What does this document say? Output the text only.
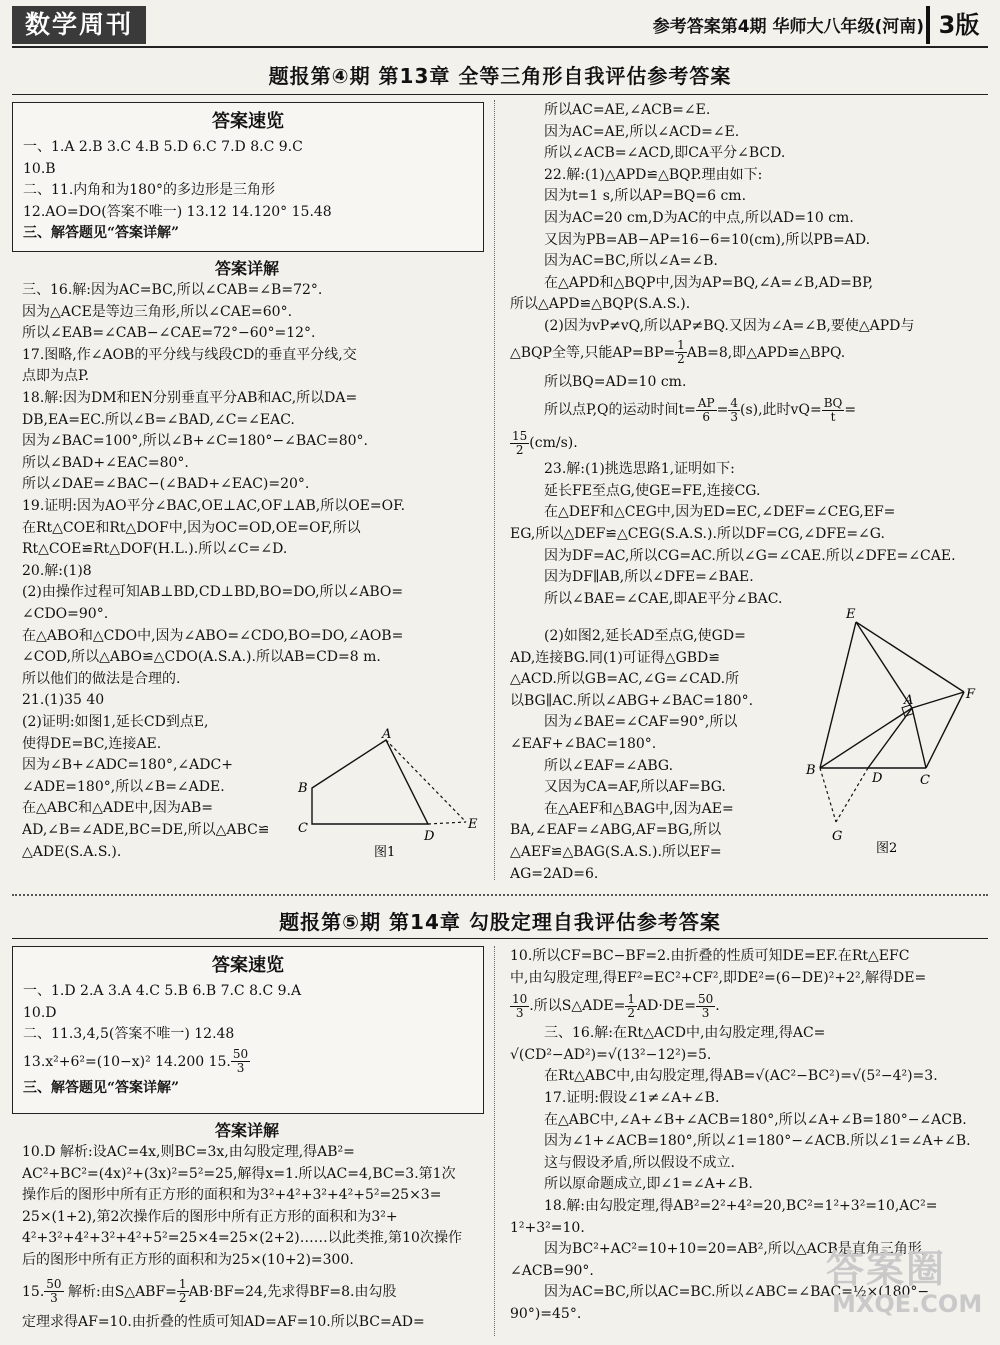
数学周刊	参考答案第4期 华师大八年级(河南) 3版
题报第④期 第13章 全等三角形自我评估参考答案
答案速览
一、1.A 2.B 3.C 4.B 5.D 6.C 7.D 8.C 9.C
10.B
二、11.内角和为180°的多边形是三角形
12.AO=DO(答案不唯一) 13.12 14.120° 15.48
三、解答题见“答案详解”
答案详解
三、16.解:因为AC=BC,所以∠CAB=∠B=72°.
因为△ACE是等边三角形,所以∠CAE=60°.
所以∠EAB=∠CAB−∠CAE=72°−60°=12°.
17.图略,作∠AOB的平分线与线段CD的垂直平分线,交
点即为点P.
18.解:因为DM和EN分别垂直平分AB和AC,所以DA=
DB,EA=EC.所以∠B=∠BAD,∠C=∠EAC.
因为∠BAC=100°,所以∠B+∠C=180°−∠BAC=80°.
所以∠BAD+∠EAC=80°.
所以∠DAE=∠BAC−(∠BAD+∠EAC)=20°.
19.证明:因为AO平分∠BAC,OE⊥AC,OF⊥AB,所以OE=OF.
在Rt△COE和Rt△DOF中,因为OC=OD,OE=OF,所以
Rt△COE≌Rt△DOF(H.L.).所以∠C=∠D.
20.解:(1)8
(2)由操作过程可知AB⊥BD,CD⊥BD,BO=DO,所以∠ABO=
∠CDO=90°.
在△ABO和△CDO中,因为∠ABO=∠CDO,BO=DO,∠AOB=
∠COD,所以△ABO≌△CDO(A.S.A.).所以AB=CD=8 m.
所以他们的做法是合理的.
21.(1)35 40
(2)证明:如图1,延长CD到点E,
使得DE=BC,连接AE.
因为∠B+∠ADC=180°,∠ADC+
∠ADE=180°,所以∠B=∠ADE.
在△ABC和△ADE中,因为AB=
AD,∠B=∠ADE,BC=DE,所以△ABC≌
△ADE(S.A.S.).
A
B
C
D
E
图1
所以AC=AE,∠ACB=∠E.
因为AC=AE,所以∠ACD=∠E.
所以∠ACB=∠ACD,即CA平分∠BCD.
22.解:(1)△APD≌△BQP.理由如下:
因为t=1 s,所以AP=BQ=6 cm.
因为AC=20 cm,D为AC的中点,所以AD=10 cm.
又因为PB=AB−AP=16−6=10(cm),所以PB=AD.
因为AC=BC,所以∠A=∠B.
在△APD和△BQP中,因为AP=BQ,∠A=∠B,AD=BP,
所以△APD≌△BQP(S.A.S.).
(2)因为vP≠vQ,所以AP≠BQ.又因为∠A=∠B,要使△APD与
△BQP全等,只能$AP=BP= \frac{1}{2} AB=8$,即△APD≌△BPQ.
所以BQ=AD=10 cm.
所以点P,Q的运动时间$t= \frac{AP}{6} = \frac{4}{3} (s)$,此时$vQ= \frac{BQ}{t}$ =
$\frac{15}{2} (cm/s)$.
23.解:(1)挑选思路1,证明如下:
延长FE至点G,使GE=FE,连接CG.
在△DEF和△CEG中,因为ED=EC,∠DEF=∠CEG,EF=
EG,所以△DEF≌△CEG(S.A.S.).所以DF=CG,∠DFE=∠G.
因为DF=AC,所以CG=AC.所以∠G=∠CAE.所以∠DFE=∠CAE.
因为DF∥AB,所以∠DFE=∠BAE.
所以∠BAE=∠CAE,即AE平分∠BAC.
(2)如图2,延长AD至点G,使GD=
AD,连接BG.同(1)可证得△GBD≌
△ACD.所以GB=AC,∠G=∠CAD.所
以BG∥AC.所以∠ABG+∠BAC=180°.
因为∠BAE=∠CAF=90°,所以
∠EAF+∠BAC=180°.
所以∠EAF=∠ABG.
又因为CA=AF,所以AF=BG.
在△AEF和△BAG中,因为AE=
BA,∠EAF=∠ABG,AF=BG,所以
△AEF≌△BAG(S.A.S.).所以EF=
AG=2AD=6.
E
F
A
B
D	C
G
图2
题报第⑤期 第14章 勾股定理自我评估参考答案
答案速览
一、1.D 2.A 3.A 4.C 5.B 6.B 7.C 8.C 9.A
10.D
二、11.3,4,5(答案不唯一) 12.48
13.x²+6²=(10−x)² 14.200 15. $\frac{50}{3}$
三、解答题见“答案详解”
答案详解
10.D 解析:设AC=4x,则BC=3x,由勾股定理,得AB²=
AC²+BC²=(4x)²+(3x)²=5²=25,解得x=1.所以AC=4,BC=3.第1次
操作后的图形中所有正方形的面积和为3²+4²+3²+4²+5²=25×3=
25×(1+2),第2次操作后的图形中所有正方形的面积和为3²+
4²+3²+4²+3²+4²+5²=25×4=25×(2+2)……以此类推,第10次操作
后的图形中所有正方形的面积和为25×(10+2)=300.
15. $\frac{50}{3}$ 解析:由S△ABF= $\frac{1}{2} AB\cdot BF=24$,先求得BF=8.由勾股
定理求得AF=10.由折叠的性质可知AD=AF=10.所以BC=AD=
10.所以CF=BC−BF=2.由折叠的性质可知DE=EF.在Rt△EFC
中,由勾股定理,得EF²=EC²+CF²,即DE²=(6−DE)²+2²,解得DE=
$\frac{10}{3}$ .所以S△ADE= $\frac{1}{2} AD\cdot DE= \frac{50}{3}$ .
三、16.解:在Rt△ACD中,由勾股定理,得AC=
√(CD²−AD²)=√(13²−12²)=5.
在Rt△ABC中,由勾股定理,得AB=√(AC²−BC²)=√(5²−4²)=3.
17.证明:假设∠1≠∠A+∠B.
在△ABC中,∠A+∠B+∠ACB=180°,所以∠A+∠B=180°−∠ACB.
因为∠1+∠ACB=180°,所以∠1=180°−∠ACB.所以∠1=∠A+∠B.
这与假设矛盾,所以假设不成立.
所以原命题成立,即∠1=∠A+∠B.
18.解:由勾股定理,得AB²=2²+4²=20,BC²=1²+3²=10,AC²=
1²+3²=10.
因为BC²+AC²=10+10=20=AB²,所以△ACB是直角三角形,
∠ACB=90°.
因为AC=BC,所以AC=BC.所以∠ABC=∠BAC=½×(180°−
90°)=45°.
答案圈
MXQE.COM
